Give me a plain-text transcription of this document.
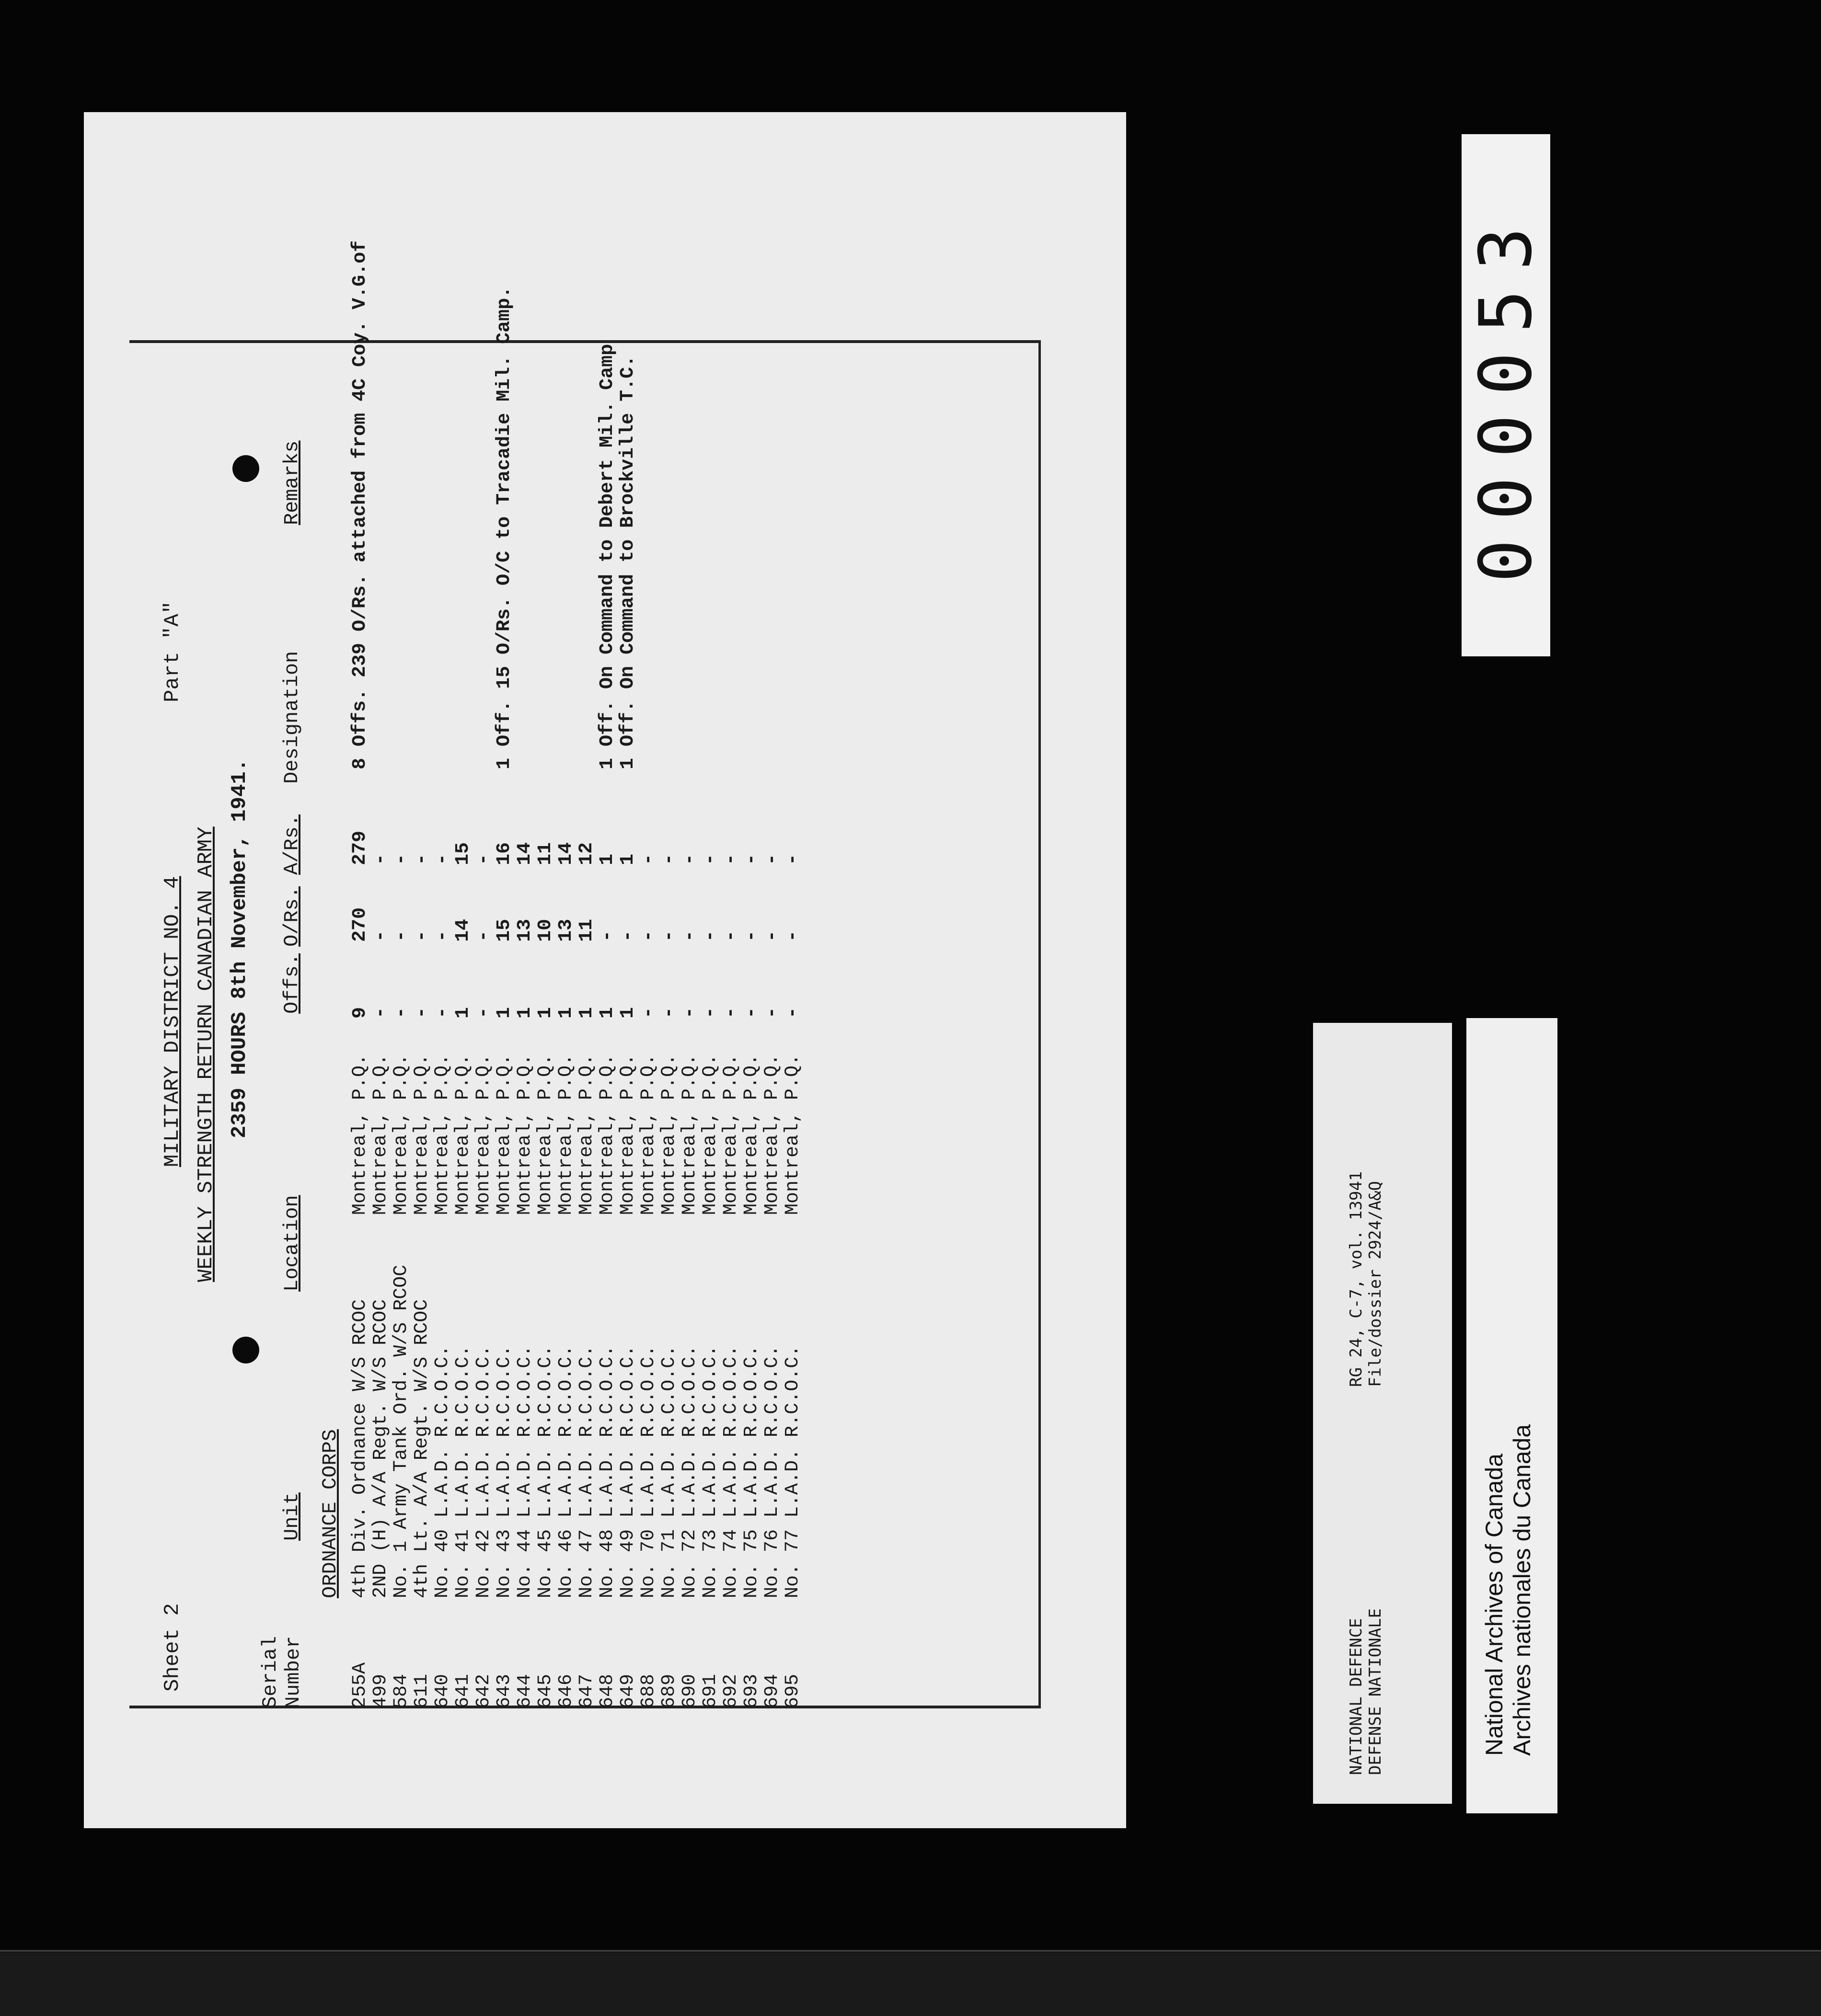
Sheet 2
Part "A"
MILITARY DISTRICT NO. 4 WEEKLY STRENGTH RETURN CANADIAN ARMY 2359 HOURS 8th November, 1941.
Serial
Number
Unit
Location
Offs.
O/Rs.
A/Rs.
Designation
Remarks
ORDNANCE CORPS
255A
4th Div. Ordnance W/S RCOC
Montreal, P.Q.
9
270
279
8 Offs. 239 O/Rs. attached from 4C Coy. V.G.of
499
2ND (H) A/A Regt. W/S RCOC
Montreal, P.Q.
-
-
-
584
No. 1 Army Tank Ord. W/S RCOC
Montreal, P.Q.
-
-
-
611
4th Lt. A/A Regt. W/S RCOC
Montreal, P.Q.
-
-
-
640
No. 40 L.A.D. R.C.O.C.
Montreal, P.Q.
-
-
-
641
No. 41 L.A.D. R.C.O.C.
Montreal, P.Q.
1
14
15
642
No. 42 L.A.D. R.C.O.C.
Montreal, P.Q.
-
-
-
643
No. 43 L.A.D. R.C.O.C.
Montreal, P.Q.
1
15
16
1 Off. 15 O/Rs. O/C to Tracadie Mil. Camp.
644
No. 44 L.A.D. R.C.O.C.
Montreal, P.Q.
1
13
14
645
No. 45 L.A.D. R.C.O.C.
Montreal, P.Q.
1
10
11
646
No. 46 L.A.D. R.C.O.C.
Montreal, P.Q.
1
13
14
647
No. 47 L.A.D. R.C.O.C.
Montreal, P.Q.
1
11
12
648
No. 48 L.A.D. R.C.O.C.
Montreal, P.Q.
1
-
1
1 Off. On Command to Debert Mil. Camp
649
No. 49 L.A.D. R.C.O.C.
Montreal, P.Q.
1
-
1
1 Off. On Command to Brockville T.C.
688
No. 70 L.A.D. R.C.O.C.
Montreal, P.Q.
-
-
-
689
No. 71 L.A.D. R.C.O.C.
Montreal, P.Q.
-
-
-
690
No. 72 L.A.D. R.C.O.C.
Montreal, P.Q.
-
-
-
691
No. 73 L.A.D. R.C.O.C.
Montreal, P.Q.
-
-
-
692
No. 74 L.A.D. R.C.O.C.
Montreal, P.Q.
-
-
-
693
No. 75 L.A.D. R.C.O.C.
Montreal, P.Q.
-
-
-
694
No. 76 L.A.D. R.C.O.C.
Montreal, P.Q.
-
-
-
695
No. 77 L.A.D. R.C.O.C.
Montreal, P.Q.
-
-
-
000053
NATIONAL DEFENCE DEFENSE NATIONALE
RG 24, C-7, vol. 13941 File/dossier 2924/A&Q
National Archives of Canada Archives nationales du Canada
